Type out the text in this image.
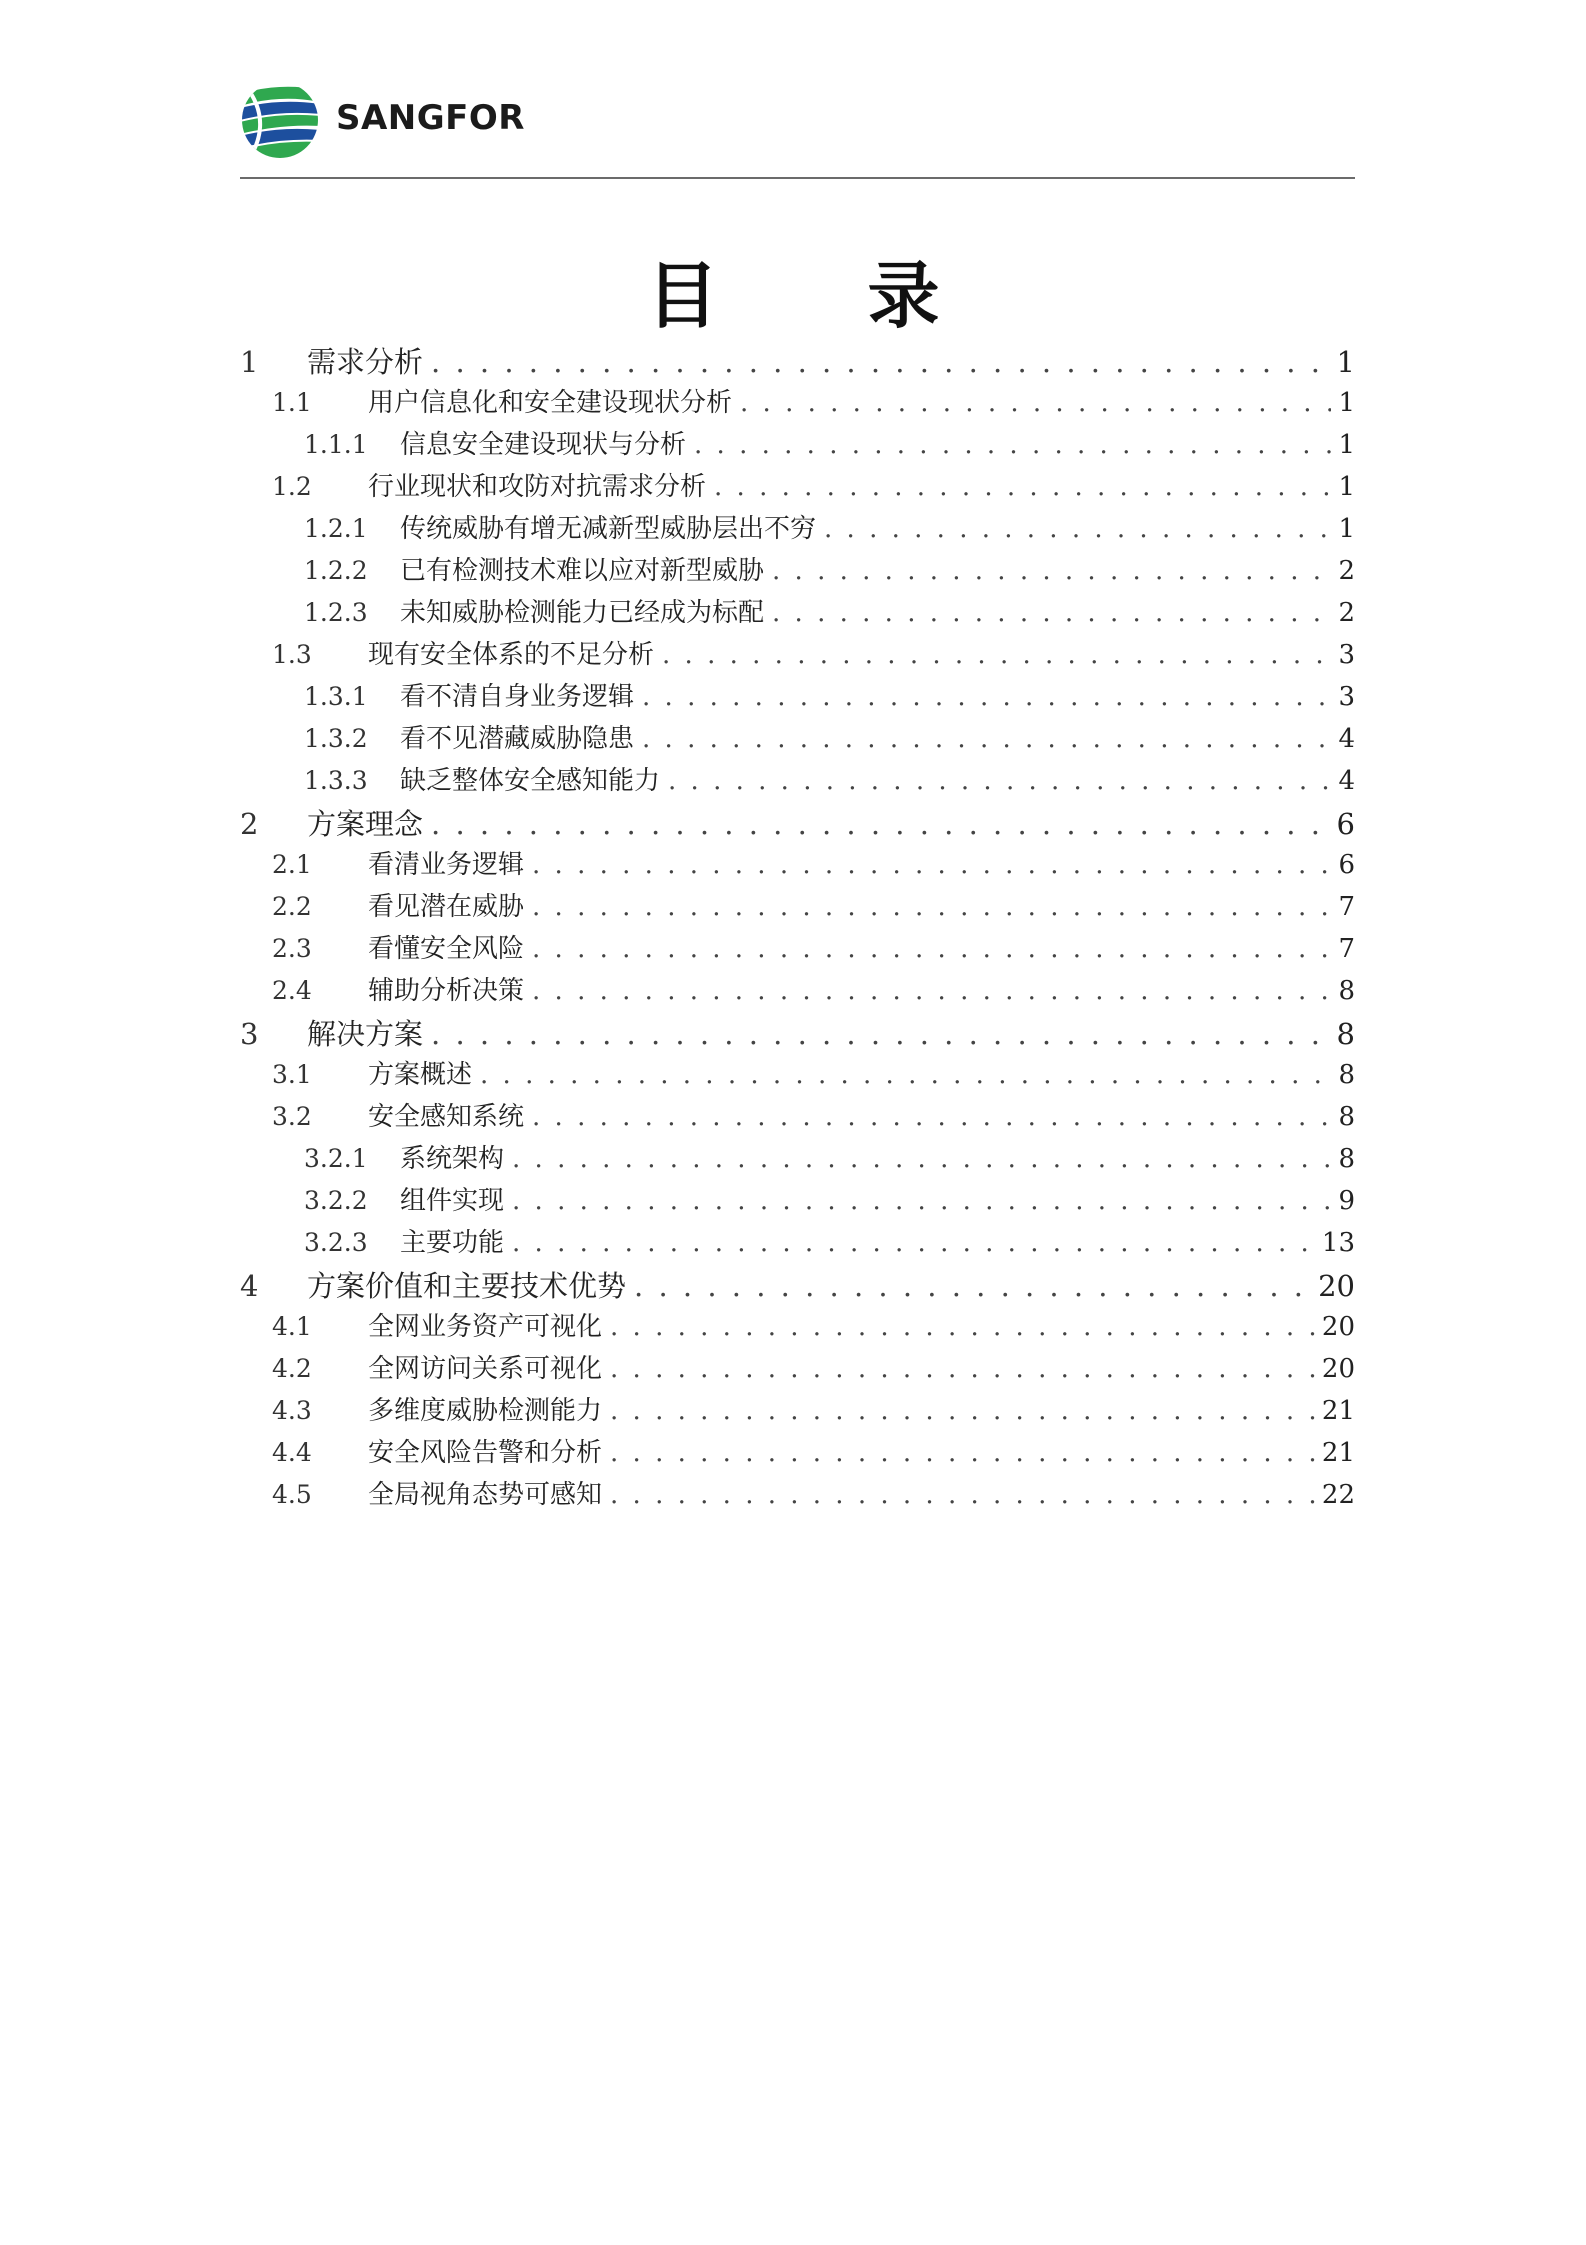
SANGFOR
目 录
1	需求分析 . . .	1
1.1	用户信息化和安全建设现状分析 . . .	1
1.1.1	信息安全建设现状与分析 . . .	1
1.2	行业现状和攻防对抗需求分析 . . .	1
1.2.1	传统威胁有增无减新型威胁层出不穷 . . .	1
1.2.2	已有检测技术难以应对新型威胁 . . .	2
1.2.3	未知威胁检测能力已经成为标配 . . .	2
1.3	现有安全体系的不足分析 . . .	3
1.3.1	看不清自身业务逻辑 . . .	3
1.3.2	看不见潜藏威胁隐患 . . .	4
1.3.3	缺乏整体安全感知能力 . . .	4
2	方案理念 . . .	6
2.1	看清业务逻辑 . . .	6
2.2	看见潜在威胁 . . .	7
2.3	看懂安全风险 . . .	7
2.4	辅助分析决策 . . .	8
3	解决方案 . . .	8
3.1	方案概述 . . .	8
3.2	安全感知系统 . . .	8
3.2.1	系统架构 . . .	8
3.2.2	组件实现 . . .	9
3.2.3	主要功能 . . .	13
4	方案价值和主要技术优势 . . .	20
4.1	全网业务资产可视化 . . .	20
4.2	全网访问关系可视化 . . .	20
4.3	多维度威胁检测能力 . . .	21
4.4	安全风险告警和分析 . . .	21
4.5	全局视角态势可感知 . . .	22
